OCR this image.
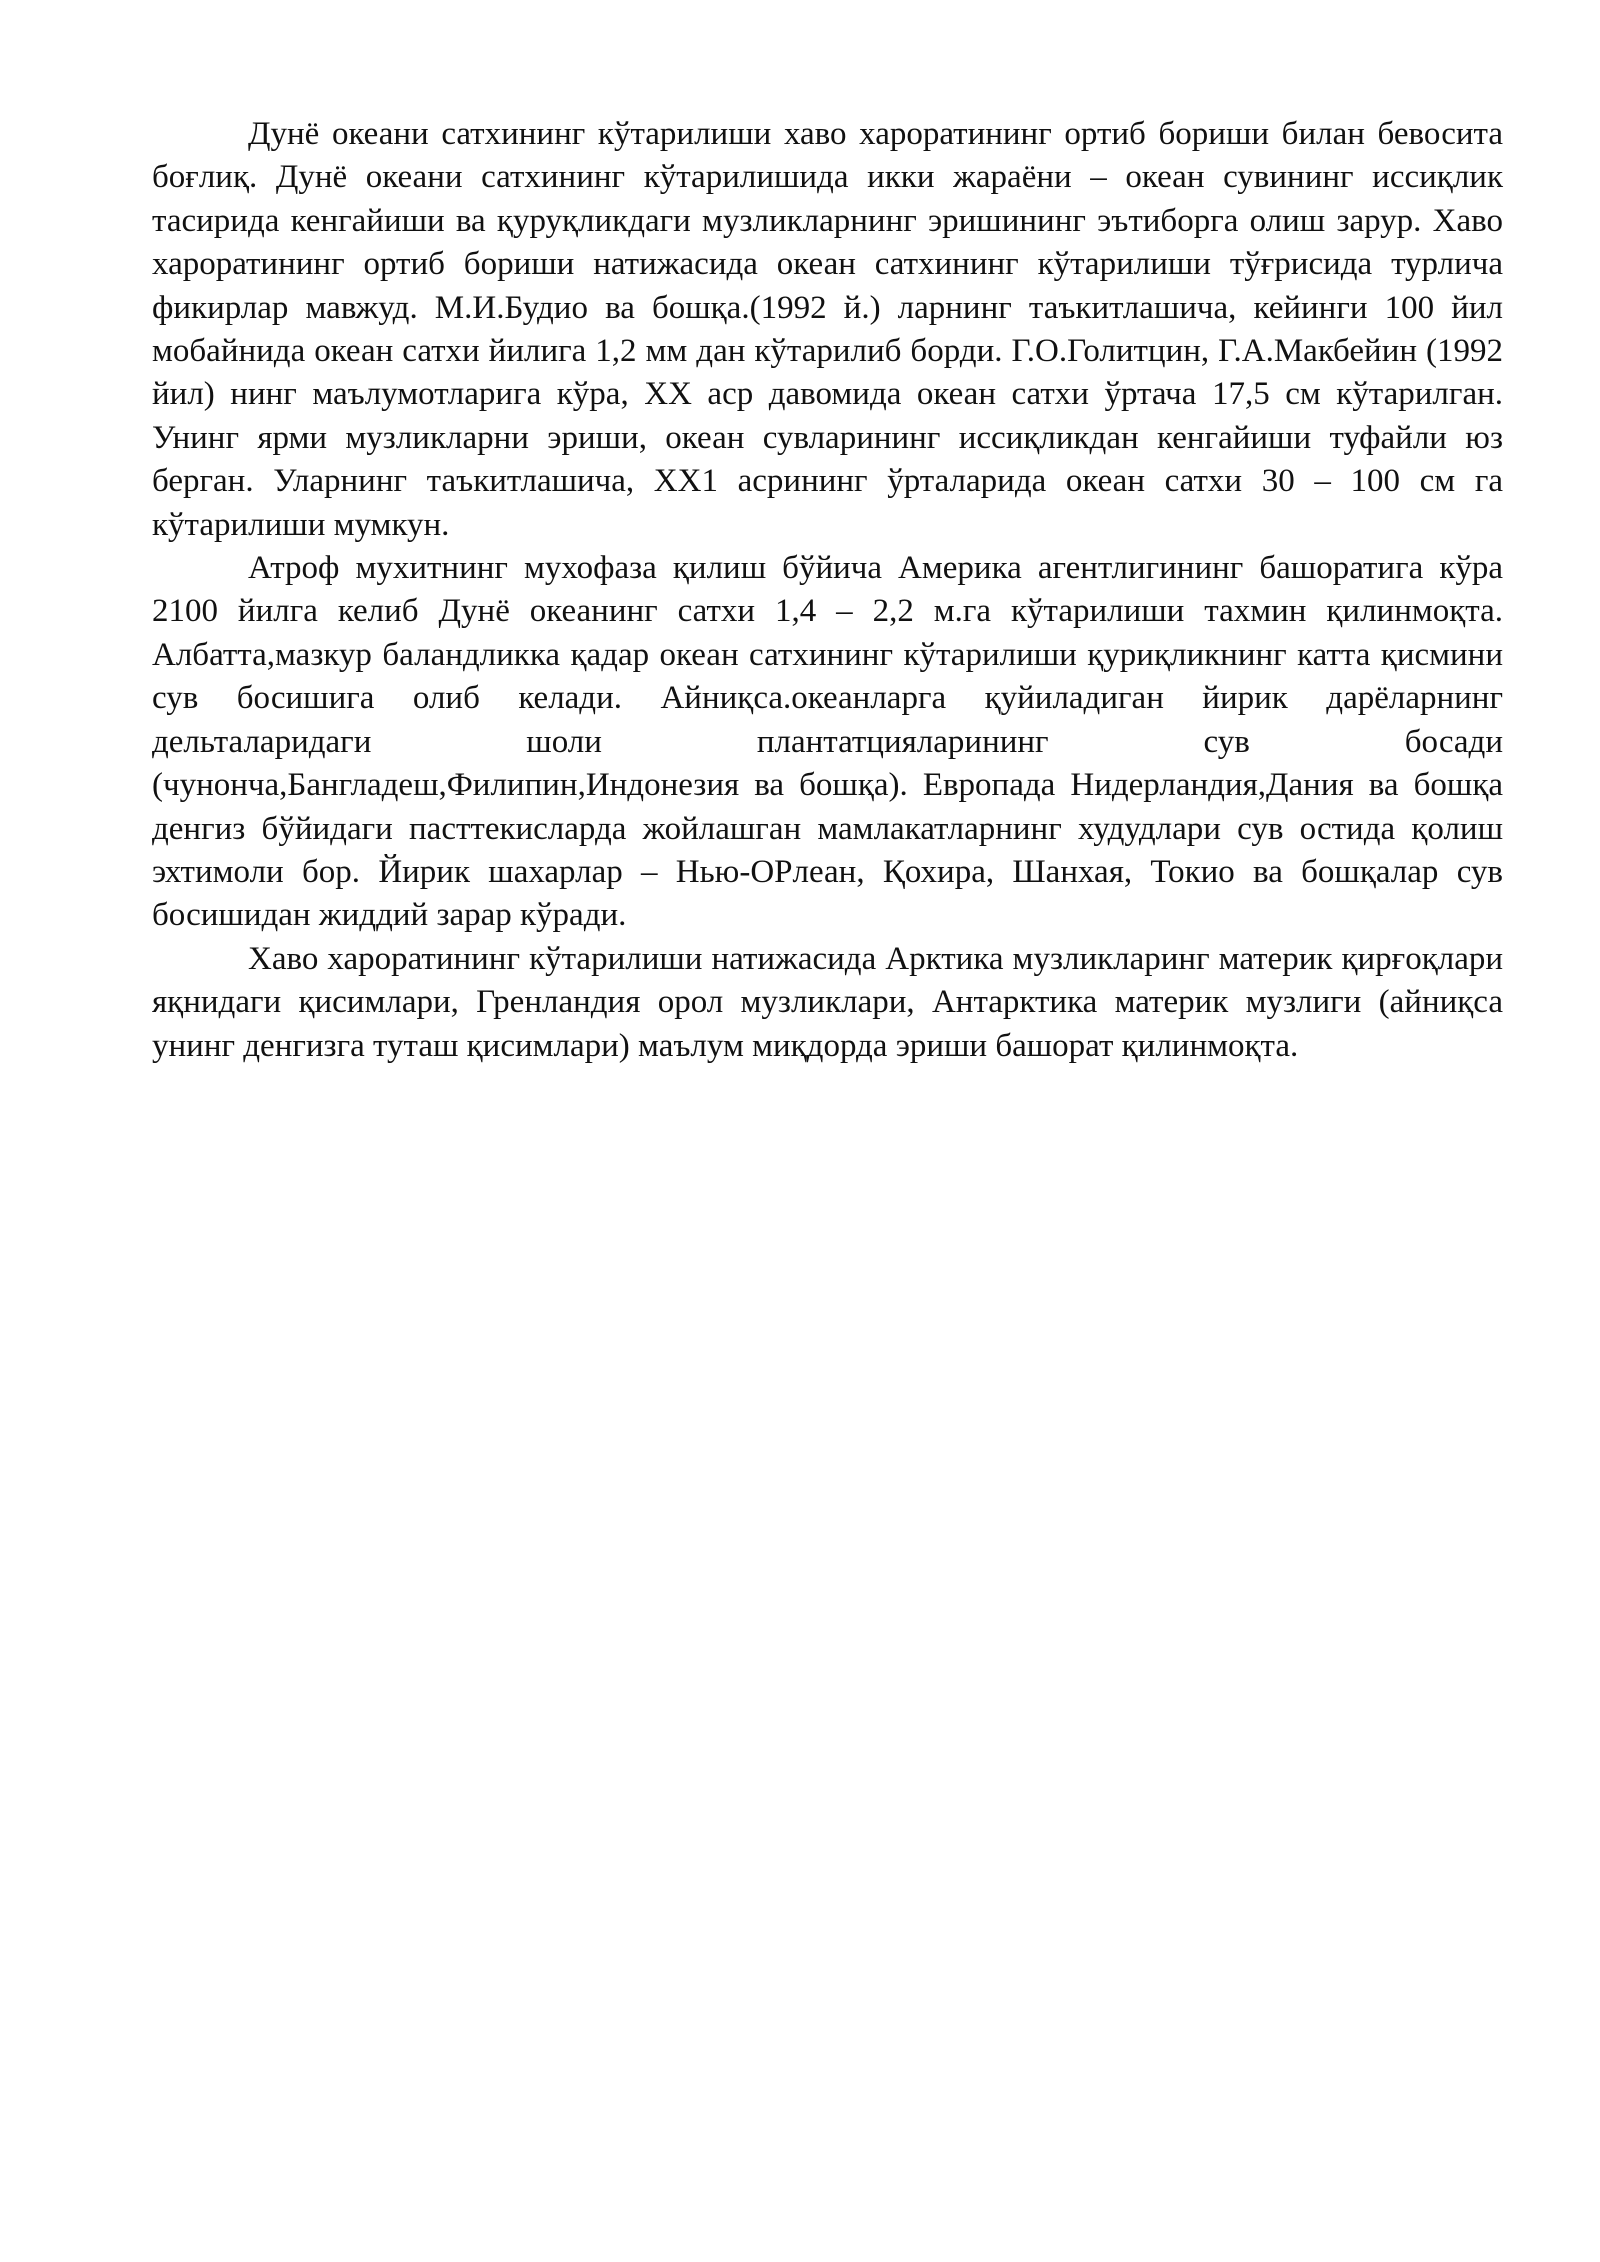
Дунё океани сатхининг кўтарилиши хаво хароратининг ортиб бориши билан бевосита боғлиқ. Дунё океани сатхининг кўтарилишида икки жараёни – океан сувининг иссиқлик тасирида кенгайиши ва қуруқликдаги музликларнинг эришининг эътиборга олиш зарур. Хаво хароратининг ортиб бориши натижасида океан сатхининг кўтарилиши тўғрисида турлича фикирлар мавжуд. М.И.Будио ва бошқа.(1992 й.) ларнинг таъкитлашича, кейинги 100 йил мобайнида океан сатхи йилига 1,2 мм дан кўтарилиб борди. Г.О.Голитцин, Г.А.Макбейин (1992 йил) нинг маълумотларига кўра, ХХ аср давомида океан сатхи ўртача 17,5 см кўтарилган. Унинг ярми музликларни эриши, океан сувларининг иссиқликдан кенгайиши туфайли юз берган. Уларнинг таъкитлашича, ХХ1 асрининг ўрталарида океан сатхи 30 – 100 см га кўтарилиши мумкун.

Атроф мухитнинг мухофаза қилиш бўйича Америка агентлигининг башоратига кўра 2100 йилга келиб Дунё океанинг сатхи 1,4 – 2,2 м.га кўтарилиши тахмин қилинмоқта. Албатта,мазкур баландликка қадар океан сатхининг кўтарилиши қуриқликнинг катта қисмини сув босишига олиб келади. Айниқса.океанларга қуйиладиган йирик дарёларнинг дельталаридаги шоли плантатцияларининг сув босади (чунонча,Бангладеш,Филипин,Индонезия ва бошқа). Европада Нидерландия,Дания ва бошқа денгиз бўйидаги пасттекисларда жойлашган мамлакатларнинг худудлари сув остида қолиш эхтимоли бор. Йирик шахарлар – Нью-ОРлеан, Қохира, Шанхая, Токио ва бошқалар сув босишидан жиддий зарар кўради.

Хаво хароратининг кўтарилиши натижасида Арктика музликларинг материк қирғоқлари яқнидаги қисимлари, Гренландия орол музликлари, Антарктика материк музлиги (айниқса унинг денгизга туташ қисимлари) маълум миқдорда эриши башорат қилинмоқта.
